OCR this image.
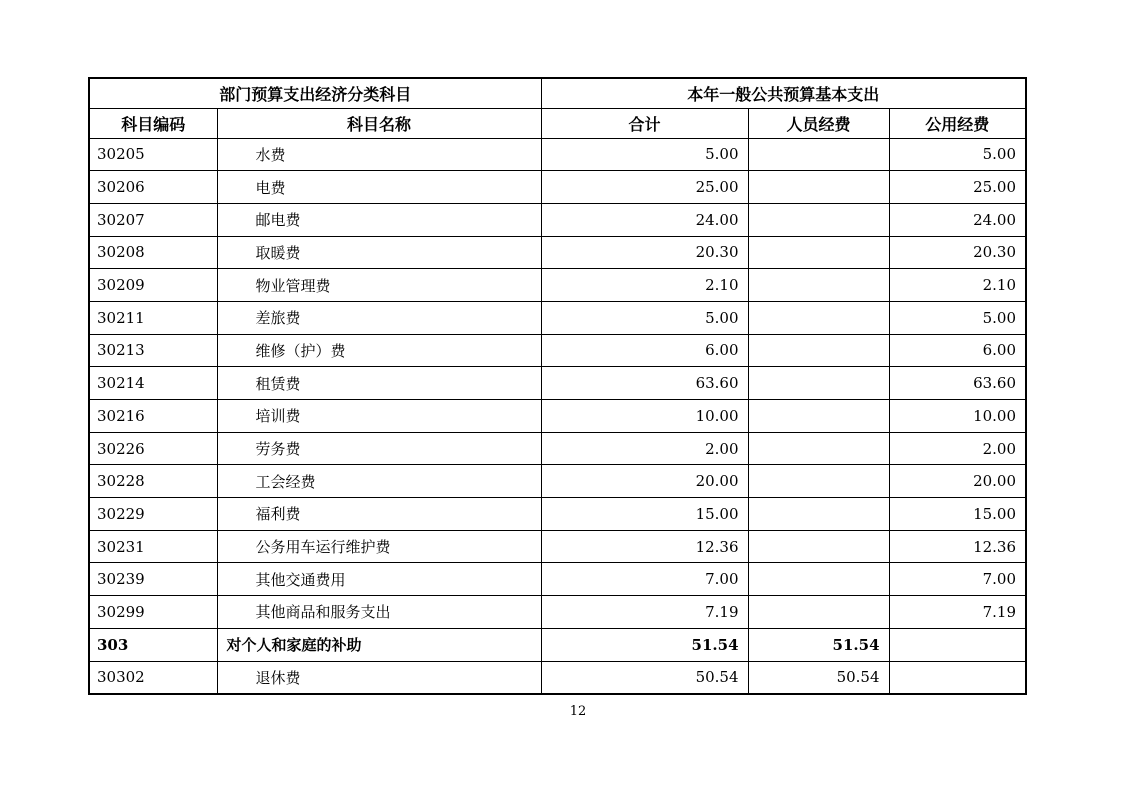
部门预算支出经济分类科目		本年一般公共预算基本支出		
科目编码	科目名称	合计	人员经费	公用经费
30205	水费	5.00		5.00
30206	电费	25.00		25.00
30207	邮电费	24.00		24.00
30208	取暖费	20.30		20.30
30209	物业管理费	2.10		2.10
30211	差旅费	5.00		5.00
30213	维修（护）费	6.00		6.00
30214	租赁费	63.60		63.60
30216	培训费	10.00		10.00
30226	劳务费	2.00		2.00
30228	工会经费	20.00		20.00
30229	福利费	15.00		15.00
30231	公务用车运行维护费	12.36		12.36
30239	其他交通费用	7.00		7.00
30299	其他商品和服务支出	7.19		7.19
303	对个人和家庭的补助	51.54	51.54	
30302	退休费	50.54	50.54	
12
